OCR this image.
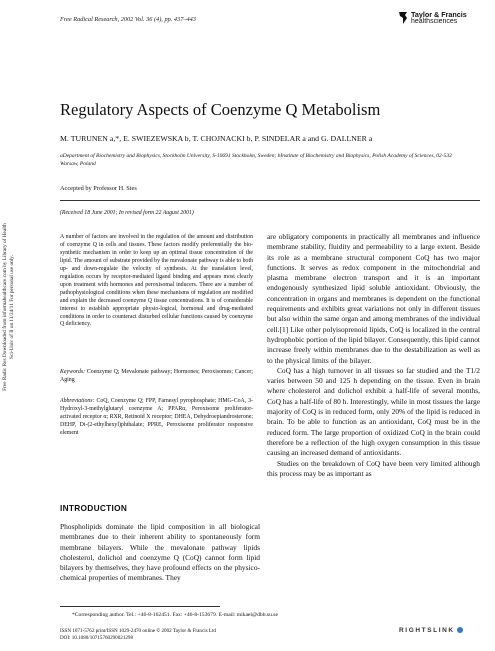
Free Radical Research, 2002 Vol. 36 (4), pp. 437–443
Taylor & Francis
healthsciences
Free Radic Res Downloaded from informahealthcare.com by Library of Health Sci-Univ of Il on 11/24/11 For personal use only.
Regulatory Aspects of Coenzyme Q Metabolism
M. TURUNEN a,*, E. SWIEZEWSKA b, T. CHOJNACKI b, P. SINDELAR a and G. DALLNER a
aDepartment of Biochemistry and Biophysics, Stockholm University, S-10691 Stockholm, Sweden; bInstitute of Biochemistry and Biophysics, Polish Academy of Sciences, 02-532 Warsaw, Poland
Accepted by Professor H. Sies
(Received 18 June 2001; In revised form 22 August 2001)
A number of factors are involved in the regulation of the amount and distribution of coenzyme Q in cells and tissues. These factors modify preferentially the bio-synthetic mechanism in order to keep up an optimal tissue concentration of the lipid. The amount of substrate provided by the mevalonate pathway is able to both up- and down-regulate the velocity of synthesis. At the translation level, regulation occurs by receptor-mediated ligand binding and appears most clearly upon treatment with hormones and peroxisomal inducers. There are a number of pathophysiological conditions when these mechanisms of regulation are modified and explain the decreased coenzyme Q tissue concentrations. It is of considerable interest to establish appropriate physio-logical, hormonal and drug-mediated conditions in order to counteract disturbed cellular functions caused by coenzyme Q deficiency.
Keywords: Coenzyme Q; Mevalonate pathway; Hormones; Peroxisomes; Cancer; Aging
Abbreviations: CoQ, Coenzyme Q; FPP, Farnesyl pyrophosphate; HMG-CoA, 3-Hydroxyl-3-methylglutaryl coenzyme A; PPARα, Peroxisome proliferator-activated receptor α; RXR, Retinoid X receptor; DHEA, Dehydroepiandrosterone; DEHP, Di-(2-ethylhexyl)phthalate; PPRE, Peroxisome proliferator responsive element
INTRODUCTION
Phospholipids dominate the lipid composition in all biological membranes due to their inherent ability to spontaneously form membrane bilayers. While the mevalonate pathway lipids cholesterol, dolichol and coenzyme Q (CoQ) cannot form lipid bilayers by themselves, they have profound effects on the physico-chemical properties of membranes. They

are obligatory components in practically all membranes and influence membrane stability, fluidity and permeability to a large extent. Beside its role as a membrane structural component CoQ has two major functions. It serves as redox component in the mitochondrial and plasma membrane electron transport and it is an important endogenously synthesized lipid soluble antioxidant. Obviously, the concentration in organs and membranes is dependent on the functional requirements and exhibits great variations not only in different tissues but also within the same organ and among membranes of the individual cell.[1] Like other polyisoprenoid lipids, CoQ is localized in the central hydrophobic portion of the lipid bilayer. Consequently, this lipid cannot increase freely within membranes due to the destabilization as well as to the physical limits of the bilayer.

CoQ has a high turnover in all tissues so far studied and the T1/2 varies between 50 and 125 h depending on the tissue. Even in brain where cholesterol and dolichol exhibit a half-life of several months, CoQ has a half-life of 80 h. Interestingly, while in most tissues the large majority of CoQ is in reduced form, only 20% of the lipid is reduced in brain. To be able to function as an antioxidant, CoQ must be in the reduced form. The large proportion of oxidized CoQ in the brain could therefore be a reflection of the high oxygen consumption in this tissue causing an increased demand of antioxidants.

Studies on the breakdown of CoQ have been very limited although this process may be as important as

*Corresponding author. Tel.: +46-8-162451. Fax: +46-8-153679. E-mail: mikael@dbb.su.se
ISSN 1071-5762 print/ISSN 1029-2470 online © 2002 Taylor & Francis Ltd
DOI: 10.1080/10715760290021298
RIGHTSLINK
